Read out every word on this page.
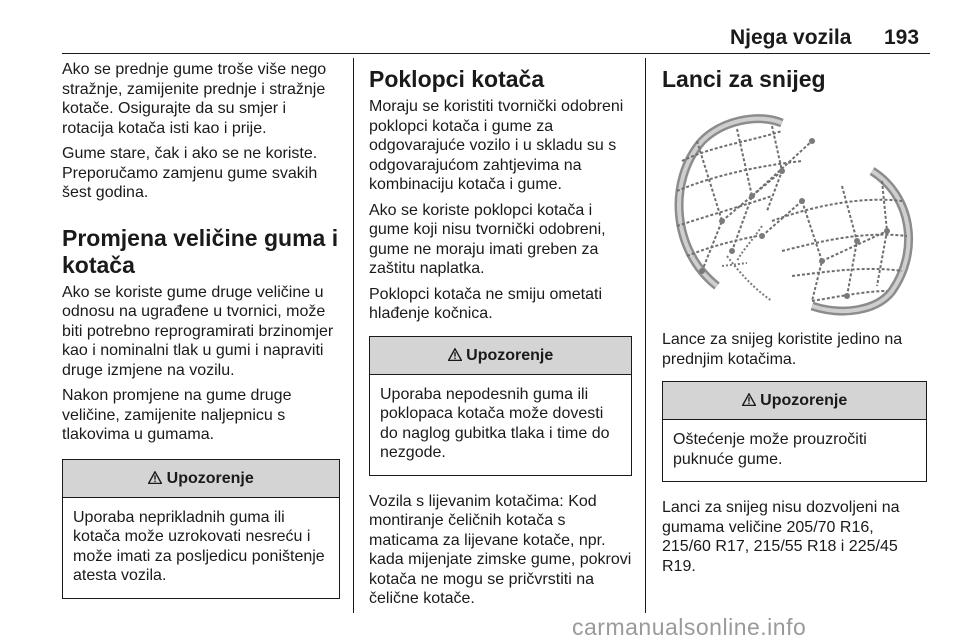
Njega vozila 193

Ako se prednje gume troše više nego stražnje, zamijenite prednje i stražnje kotače. Osigurajte da su smjer i rotacija kotača isti kao i prije.

Gume stare, čak i ako se ne koriste. Preporučamo zamjenu gume svakih šest godina.

Promjena veličine guma i kotača

Ako se koriste gume druge veličine u odnosu na ugrađene u tvornici, može biti potrebno reprogramirati brzinomjer kao i nominalni tlak u gumi i napraviti druge izmjene na vozilu.

Nakon promjene na gume druge veličine, zamijenite naljepnicu s tlakovima u gumama.

Upozorenje

Uporaba neprikladnih guma ili kotača može uzrokovati nesreću i može imati za posljedicu poništenje atesta vozila.

Poklopci kotača

Moraju se koristiti tvornički odobreni poklopci kotača i gume za odgovarajuće vozilo i u skladu su s odgovarajućom zahtjevima na kombinaciju kotača i gume.

Ako se koriste poklopci kotača i gume koji nisu tvornički odobreni, gume ne moraju imati greben za zaštitu naplatka.

Poklopci kotača ne smiju ometati hlađenje kočnica.

Upozorenje

Uporaba nepodesnih guma ili poklopaca kotača može dovesti do naglog gubitka tlaka i time do nezgode.

Vozila s lijevanim kotačima: Kod montiranje čeličnih kotača s maticama za lijevane kotače, npr. kada mijenjate zimske gume, pokrovi kotača ne mogu se pričvrstiti na čelične kotače.

Lanci za snijeg

Lance za snijeg koristite jedino na prednjim kotačima.

Upozorenje

Oštećenje može prouzročiti puknuće gume.

Lanci za snijeg nisu dozvoljeni na gumama veličine 205/70 R16, 215/60 R17, 215/55 R18 i 225/45 R19.

carmanualsonline.info
